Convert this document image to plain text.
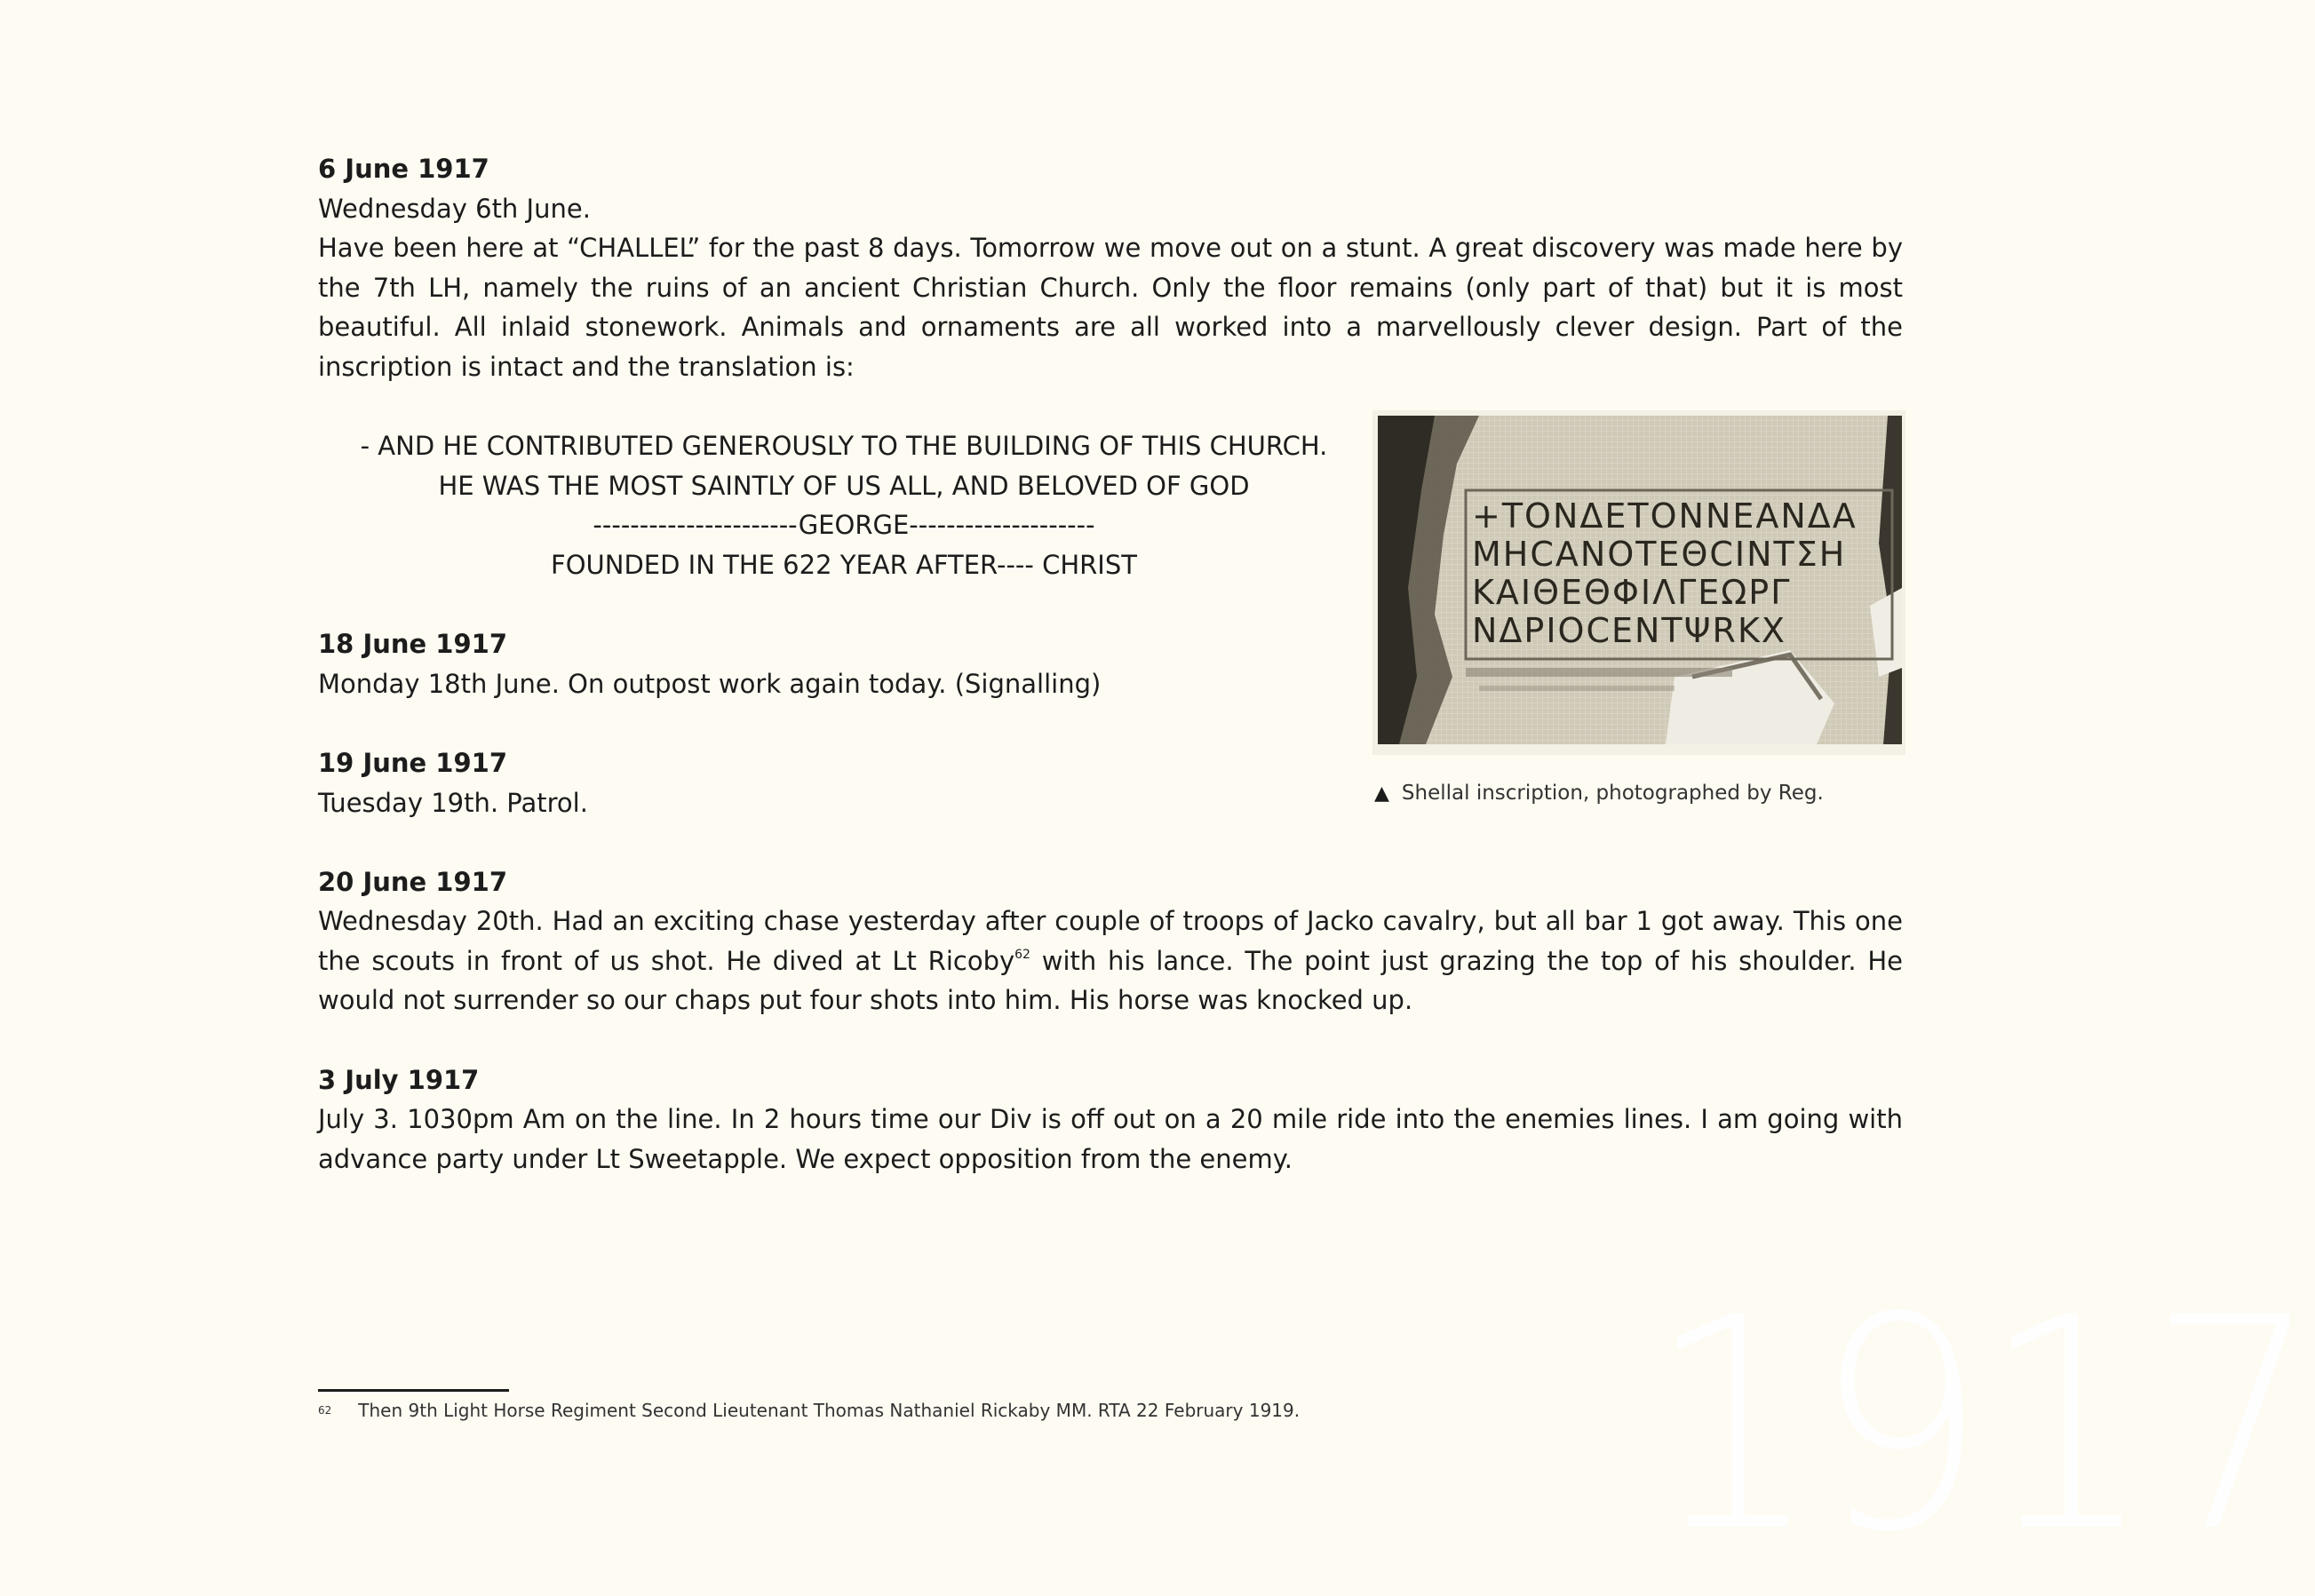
1917
6 June 1917
Wednesday 6th June.
Have been here at “CHALLEL” for the past 8 days. Tomorrow we move out on a stunt. A great discovery was made here by the 7th LH, namely the ruins of an ancient Christian Church. Only the floor remains (only part of that) but it is most beautiful. All inlaid stonework. Animals and ornaments are all worked into a marvellously clever design. Part of the inscription is intact and the translation is:
- AND HE CONTRIBUTED GENEROUSLY TO THE BUILDING OF THIS CHURCH.
HE WAS THE MOST SAINTLY OF US ALL, AND BELOVED OF GOD
----------------------GEORGE--------------------
FOUNDED IN THE 622 YEAR AFTER---- CHRIST
18 June 1917
Monday 18th June. On outpost work again today. (Signalling)
19 June 1917
Tuesday 19th. Patrol.
20 June 1917
Wednesday 20th. Had an exciting chase yesterday after couple of troops of Jacko cavalry, but all bar 1 got away. This one the scouts in front of us shot. He dived at Lt Ricoby$^{62}$ with his lance. The point just grazing the top of his shoulder. He would not surrender so our chaps put four shots into him. His horse was knocked up.
3 July 1917
July 3. 1030pm Am on the line. In 2 hours time our Div is off out on a 20 mile ride into the enemies lines. I am going with advance party under Lt Sweetapple. We expect opposition from the enemy.
+ΤΟΝΔΕΤΟΝΝΕΑΝΔΑ
ΜΗCΑΝΟΤΕΘCΙΝΤΣΗ
ΚΑΙΘΕΘΦΙΛΓΕΩΡΓ
ΝΔΡΙΟCΕΝΤΨRΚΧ
▲ Shellal inscription, photographed by Reg.
62 Then 9th Light Horse Regiment Second Lieutenant Thomas Nathaniel Rickaby MM. RTA 22 February 1919.
